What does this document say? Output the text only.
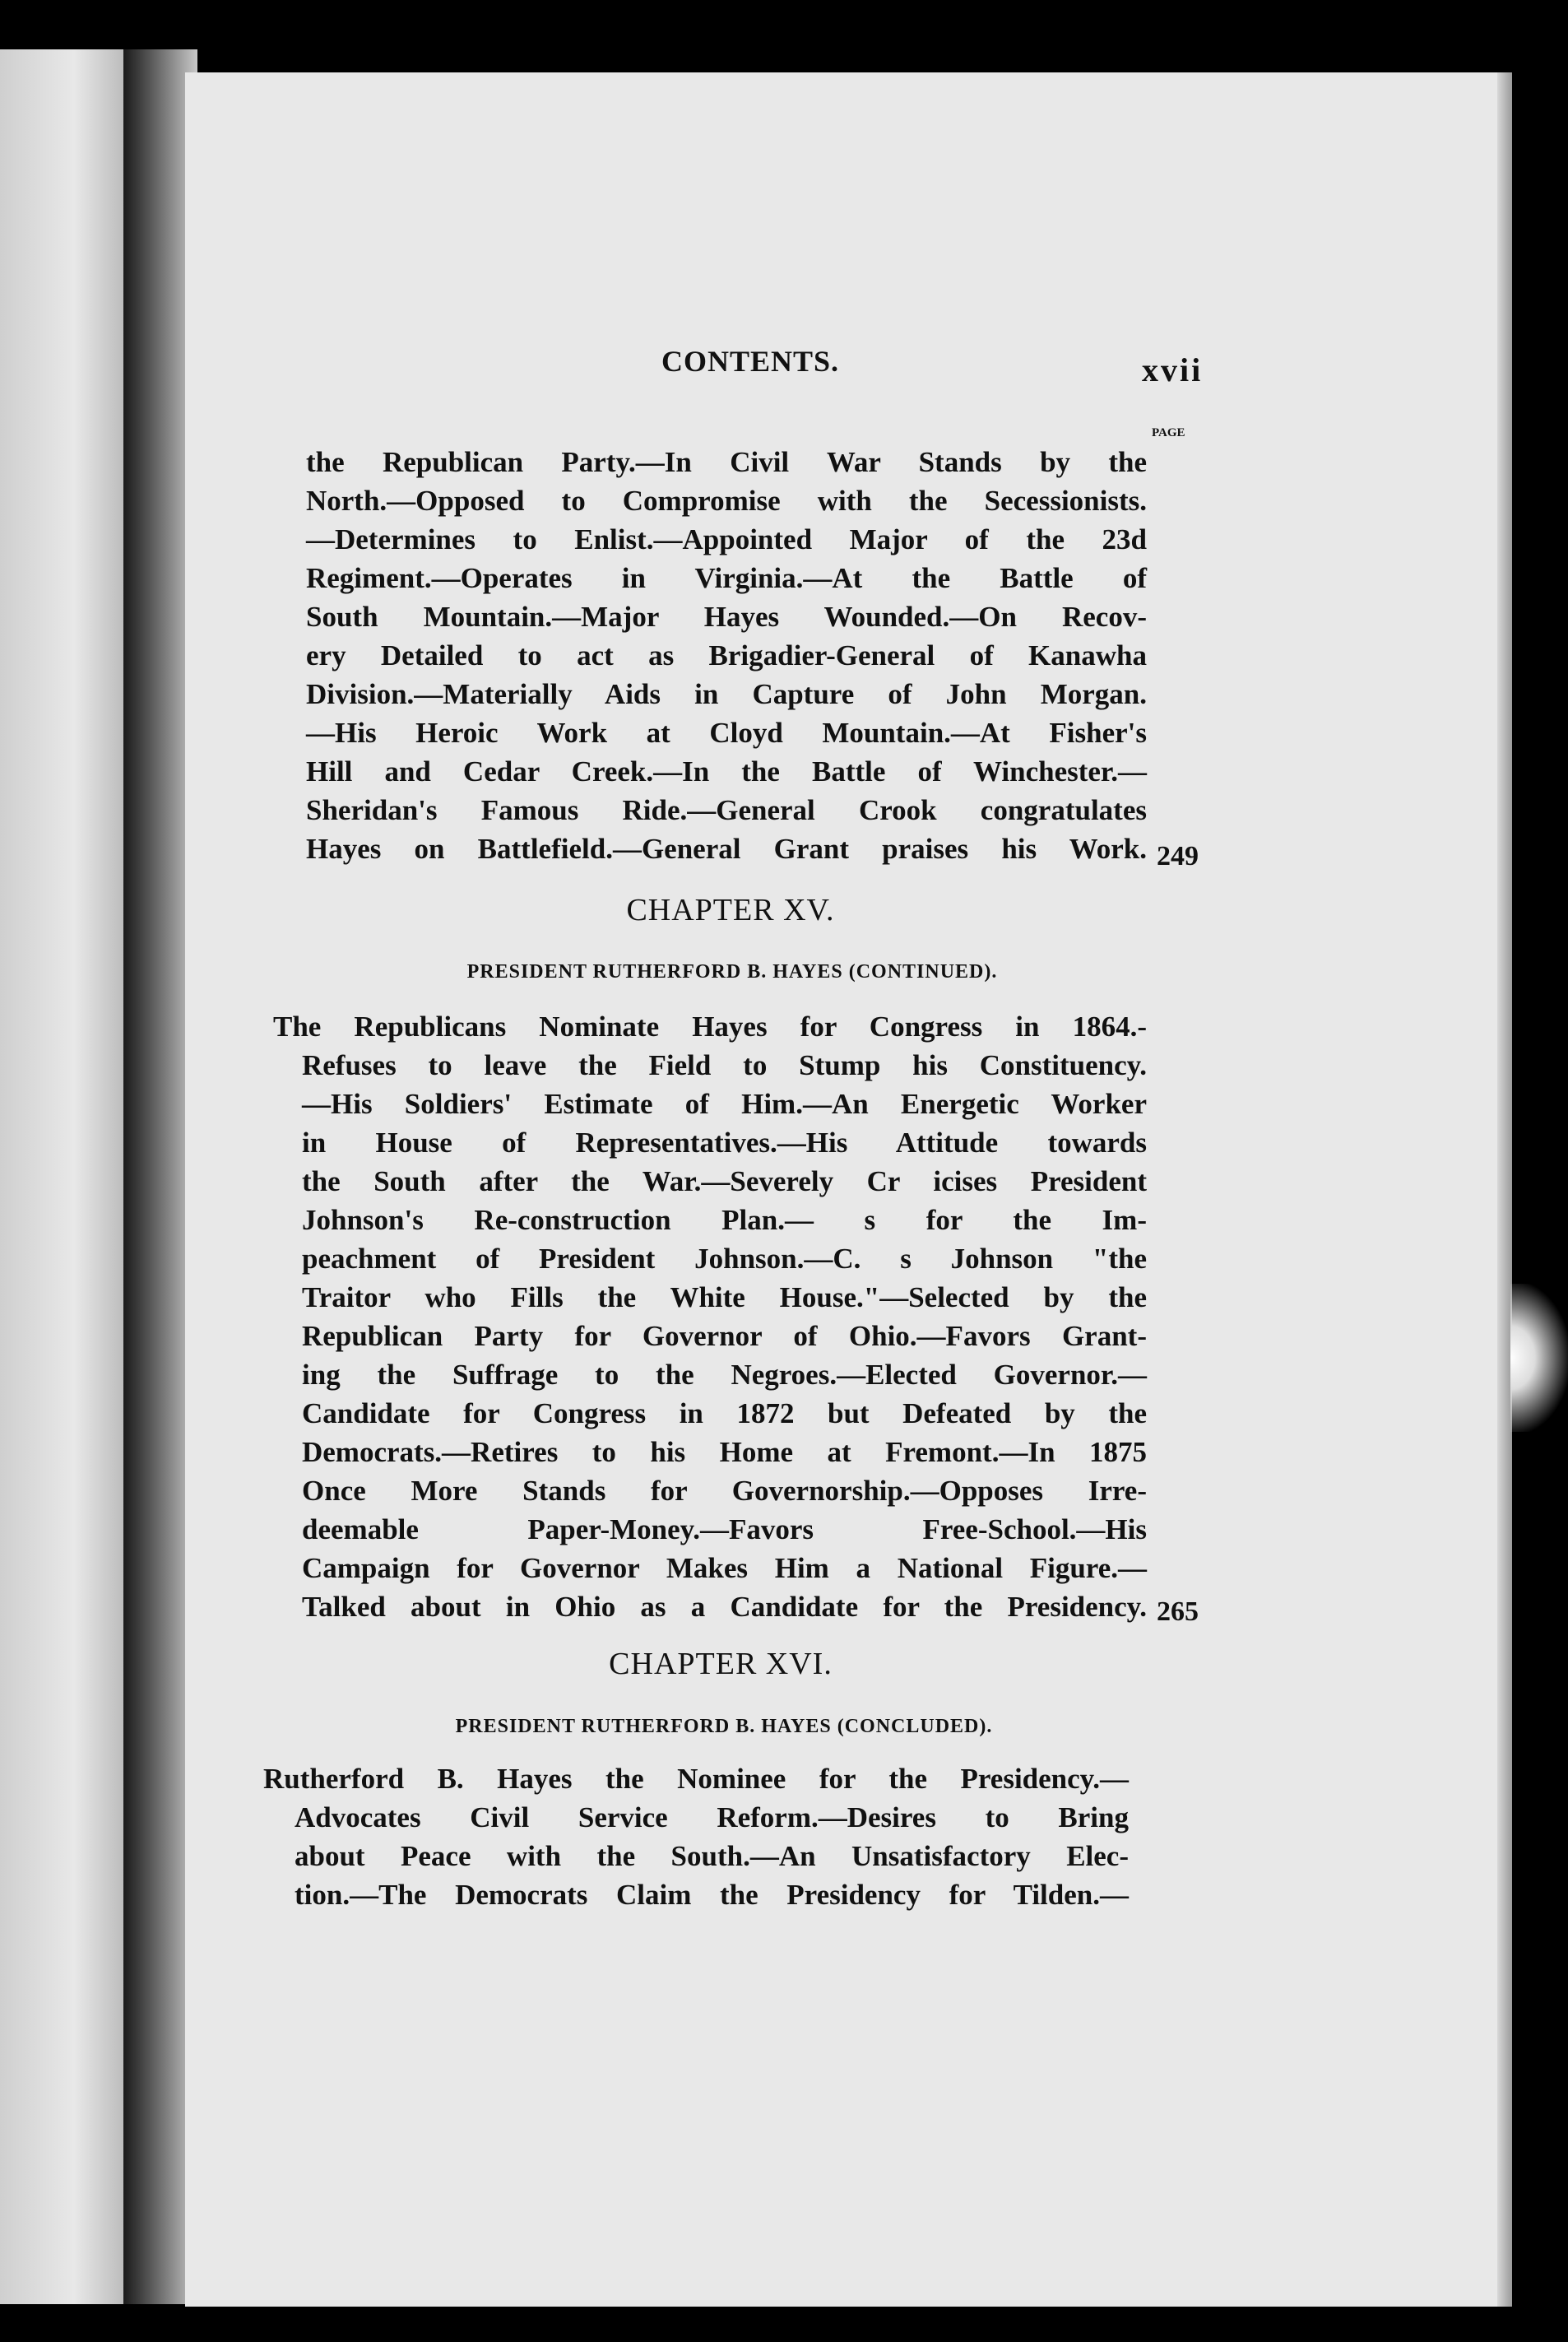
CONTENTS.	xvii
PAGE
the Republican Party.—In Civil War Stands by the
North.—Opposed to Compromise with the Secessionists.
—Determines to Enlist.—Appointed Major of the 23d
Regiment.—Operates in Virginia.—At the Battle of
South Mountain.—Major Hayes Wounded.—On Recov-
ery Detailed to act as Brigadier-General of Kanawha
Division.—Materially Aids in Capture of John Morgan.
—His Heroic Work at Cloyd Mountain.—At Fisher's
Hill and Cedar Creek.—In the Battle of Winchester.—
Sheridan's Famous Ride.—General Crook congratulates
Hayes on Battlefield.—General Grant praises his Work. 249
CHAPTER XV.
PRESIDENT RUTHERFORD B. HAYES (CONTINUED).
The Republicans Nominate Hayes for Congress in 1864.-
Refuses to leave the Field to Stump his Constituency.
—His Soldiers' Estimate of Him.—An Energetic Worker
in House of Representatives.—His Attitude towards
the South after the War.—Severely Cr icises President
Johnson's Re-construction Plan.— s for the Im-
peachment of President Johnson.—C. s Johnson "the
Traitor who Fills the White House."—Selected by the
Republican Party for Governor of Ohio.—Favors Grant-
ing the Suffrage to the Negroes.—Elected Governor.—
Candidate for Congress in 1872 but Defeated by the
Democrats.—Retires to his Home at Fremont.—In 1875
Once More Stands for Governorship.—Opposes Irre-
deemable Paper-Money.—Favors Free-School.—His
Campaign for Governor Makes Him a National Figure.—
Talked about in Ohio as a Candidate for the Presidency. 265
CHAPTER XVI.
PRESIDENT RUTHERFORD B. HAYES (CONCLUDED).
Rutherford B. Hayes the Nominee for the Presidency.—
Advocates Civil Service Reform.—Desires to Bring
about Peace with the South.—An Unsatisfactory Elec-
tion.—The Democrats Claim the Presidency for Tilden.—
